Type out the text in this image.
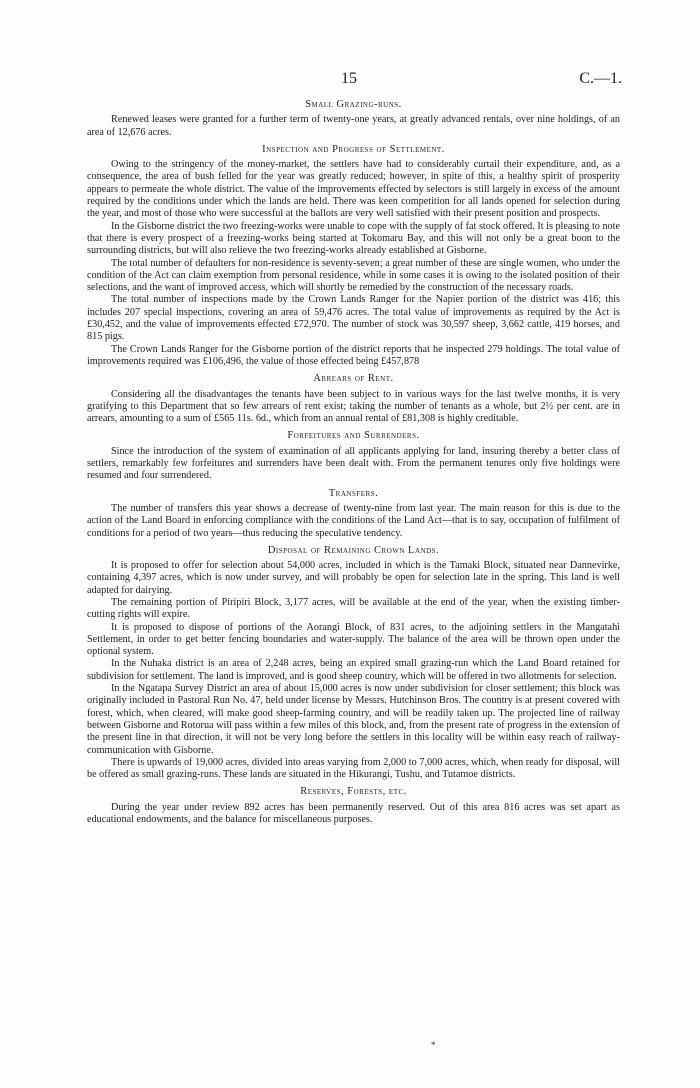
15	C.—1.
Small Grazing-runs.

Renewed leases were granted for a further term of twenty-one years, at greatly advanced rentals, over nine holdings, of an area of 12,676 acres.

Inspection and Progress of Settlement.

Owing to the stringency of the money-market, the settlers have had to considerably curtail their expenditure, and, as a consequence, the area of bush felled for the year was greatly reduced; however, in spite of this, a healthy spirit of prosperity appears to permeate the whole district. The value of the improvements effected by selectors is still largely in excess of the amount required by the conditions under which the lands are held. There was keen competition for all lands opened for selection during the year, and most of those who were successful at the ballots are very well satisfied with their present position and prospects.

In the Gisborne district the two freezing-works were unable to cope with the supply of fat stock offered. It is pleasing to note that there is every prospect of a freezing-works being started at Tokomaru Bay, and this will not only be a great boon to the surrounding districts, but will also relieve the two freezing-works already established at Gisborne.

The total number of defaulters for non-residence is seventy-seven; a great number of these are single women, who under the condition of the Act can claim exemption from personal residence, while in some cases it is owing to the isolated position of their selections, and the want of improved access, which will shortly be remedied by the construction of the necessary roads.

The total number of inspections made by the Crown Lands Ranger for the Napier portion of the district was 416; this includes 207 special inspections, covering an area of 59,476 acres. The total value of improvements as required by the Act is £30,452, and the value of improvements effected £72,970. The number of stock was 30,597 sheep, 3,662 cattle, 419 horses, and 815 pigs.

The Crown Lands Ranger for the Gisborne portion of the district reports that he inspected 279 holdings. The total value of improvements required was £106,496, the value of those effected being £457,878

Arrears of Rent.

Considering all the disadvantages the tenants have been subject to in various ways for the last twelve months, it is very gratifying to this Department that so few arrears of rent exist; taking the number of tenants as a whole, but 2½ per cent. are in arrears, amounting to a sum of £565 11s. 6d., which from an annual rental of £81,308 is highly creditable.

Forfeitures and Surrenders.

Since the introduction of the system of examination of all applicants applying for land, insuring thereby a better class of settlers, remarkably few forfeitures and surrenders have been dealt with. From the permanent tenures only five holdings were resumed and four surrendered.

Transfers.

The number of transfers this year shows a decrease of twenty-nine from last year. The main reason for this is due to the action of the Land Board in enforcing compliance with the conditions of the Land Act—that is to say, occupation of fulfilment of conditions for a period of two years—thus reducing the speculative tendency.

Disposal of Remaining Crown Lands.

It is proposed to offer for selection about 54,000 acres, included in which is the Tamaki Block, situated near Dannevirke, containing 4,397 acres, which is now under survey, and will probably be open for selection late in the spring. This land is well adapted for dairying.

The remaining portion of Piripiri Block, 3,177 acres, will be available at the end of the year, when the existing timber-cutting rights will expire.

It is proposed to dispose of portions of the Aorangi Block, of 831 acres, to the adjoining settlers in the Mangatahi Settlement, in order to get better fencing boundaries and water-supply. The balance of the area will be thrown open under the optional system.

In the Nuhaka district is an area of 2,248 acres, being an expired small grazing-run which the Land Board retained for subdivision for settlement. The land is improved, and is good sheep country, which will be offered in two allotments for selection.

In the Ngatapa Survey District an area of about 15,000 acres is now under subdivision for closer settlement; this block was originally included in Pastoral Run No. 47, held under license by Messrs. Hutchinson Bros. The country is at present covered with forest, which, when cleared, will make good sheep-farming country, and will be readily taken up. The projected line of railway between Gisborne and Rotorua will pass within a few miles of this block, and, from the present rate of progress in the extension of the present line in that direction, it will not be very long before the settlers in this locality will be within easy reach of railway-communication with Gisborne.

There is upwards of 19,000 acres, divided into areas varying from 2,000 to 7,000 acres, which, when ready for disposal, will be offered as small grazing-runs. These lands are situated in the Hikurangi, Tushu, and Tutamoe districts.

Reserves, Forests, etc.

During the year under review 892 acres has been permanently reserved. Out of this area 816 acres was set apart as educational endowments, and the balance for miscellaneous purposes.

*
